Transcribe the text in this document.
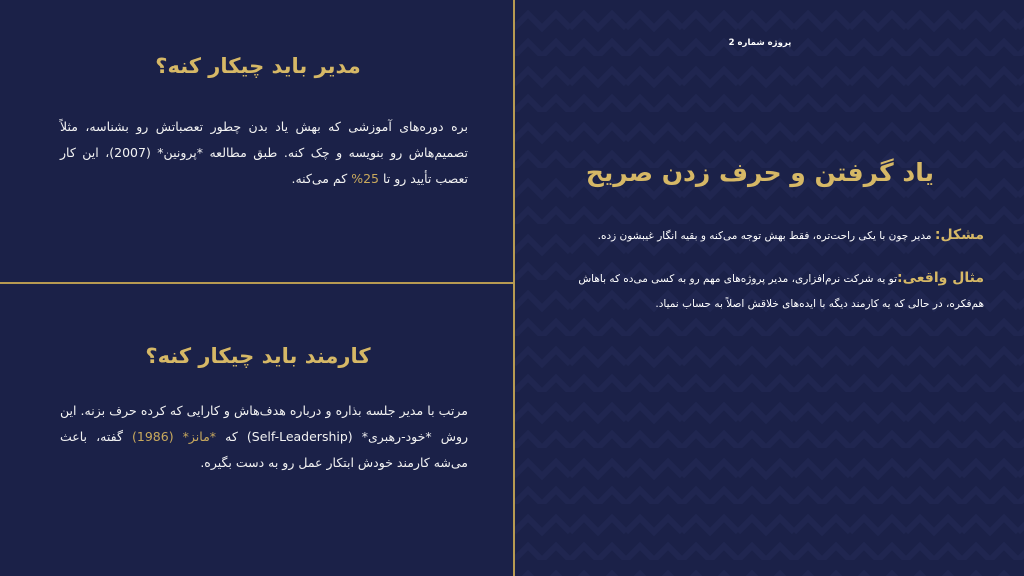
پروژه شماره 2
یاد گرفتن و حرف زدن صریح
مشکل: مدیر چون با یکی راحت‌تره، فقط بهش توجه می‌کنه و بقیه انگار غیبشون زده.
مثال واقعی:تو یه شرکت نرم‌افزاری، مدیر پروژه‌های مهم رو به کسی می‌ده که باهاش هم‌فکره، در حالی که یه کارمند دیگه با ایده‌های خلاقش اصلاً به حساب نمیاد.
مدیر باید چیکار کنه؟
بره دوره‌های آموزشی که بهش یاد بدن چطور تعصباتش رو بشناسه، مثلاً تصمیم‌هاش رو بنویسه و چک کنه. طبق مطالعه *پرونین* (2007)، این کار تعصب تأیید رو تا 25% کم می‌کنه.
کارمند باید چیکار کنه؟
مرتب با مدیر جلسه بذاره و درباره هدف‌هاش و کارایی که کرده حرف بزنه. این روش *خود-رهبری* (Self-Leadership) که *مانز* (1986) گفته، باعث می‌شه کارمند خودش ابتکار عمل رو به دست بگیره.
